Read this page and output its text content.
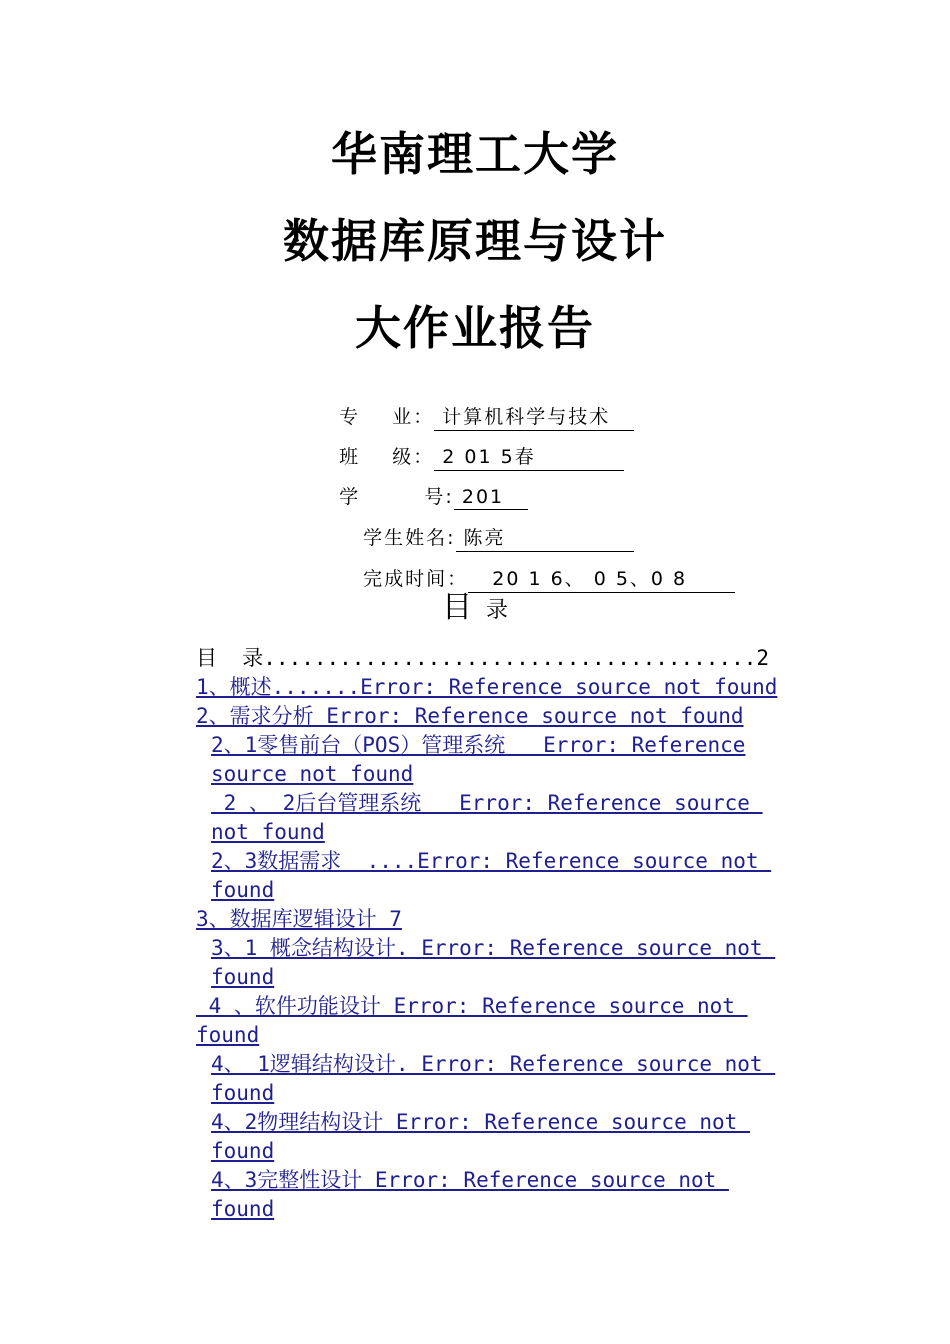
华南理工大学
数据库原理与设计
大作业报告

专    业： 计算机科学与技术

班    级： 2 01 5春

学        号: 201

学生姓名: 陈亮

完成时间：   20 1 6、 0 5、0 8

目 录
目  录.......................................2
1、概述.......Error: Reference source not found
2、需求分析 Error: Reference source not found
2、1零售前台（POS）管理系统   Error: Reference
source not found
2 、 2后台管理系统   Error: Reference source
not found
2、3数据需求  ....Error: Reference source not
found
3、数据库逻辑设计 7
3、1 概念结构设计. Error: Reference source not
found
4 、软件功能设计 Error: Reference source not
found
4、 1逻辑结构设计. Error: Reference source not
found
4、2物理结构设计 Error: Reference source not
found
4、3完整性设计 Error: Reference source not
found
